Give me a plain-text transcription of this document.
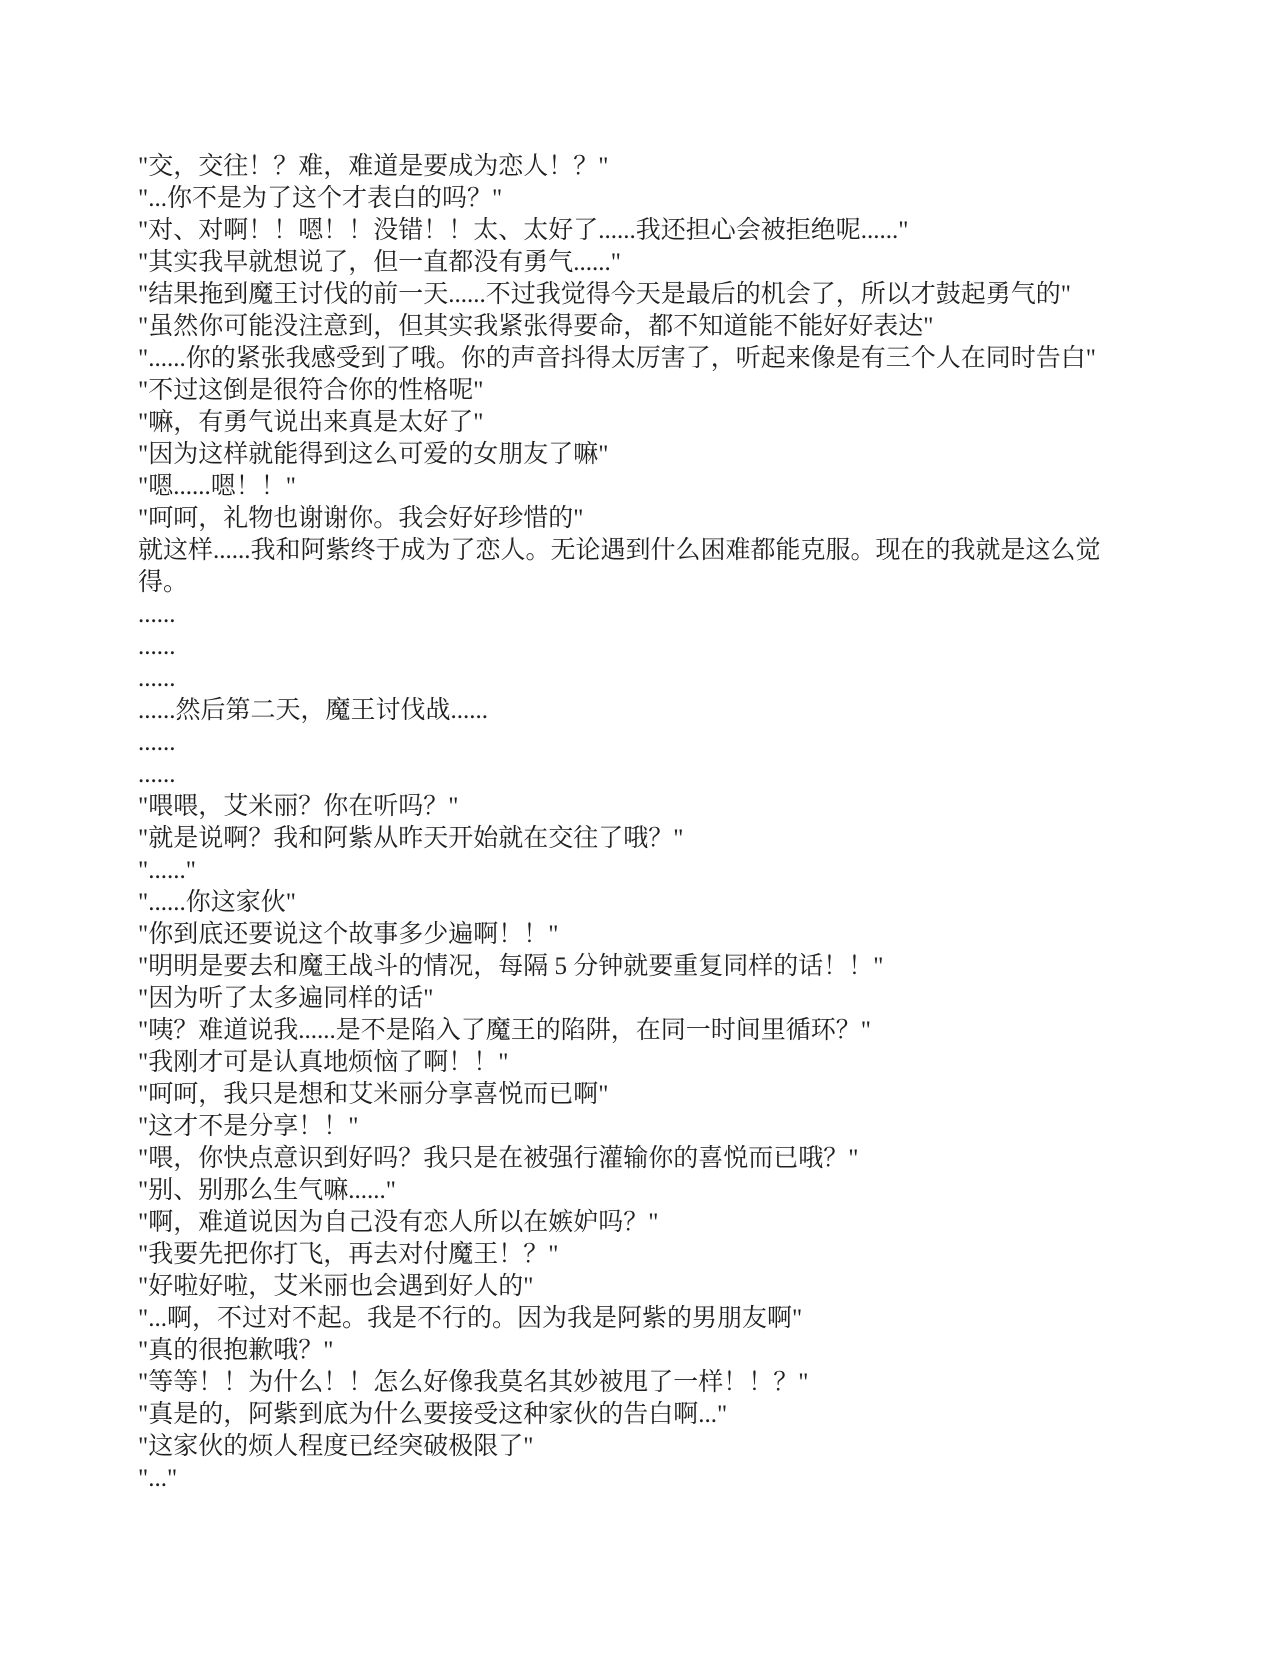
"交，交往！？难，难道是要成为恋人！？"

"...你不是为了这个才表白的吗？"

"对、对啊！！嗯！！没错！！太、太好了......我还担心会被拒绝呢......"

"其实我早就想说了，但一直都没有勇气......"

"结果拖到魔王讨伐的前一天......不过我觉得今天是最后的机会了，所以才鼓起勇气的"

"虽然你可能没注意到，但其实我紧张得要命，都不知道能不能好好表达"

"......你的紧张我感受到了哦。你的声音抖得太厉害了，听起来像是有三个人在同时告白"

"不过这倒是很符合你的性格呢"

"嘛，有勇气说出来真是太好了"

"因为这样就能得到这么可爱的女朋友了嘛"

"嗯......嗯！！"

"呵呵，礼物也谢谢你。我会好好珍惜的"

就这样......我和阿紫终于成为了恋人。无论遇到什么困难都能克服。现在的我就是这么觉得。

......

......

......

......然后第二天，魔王讨伐战......

......

......

"喂喂，艾米丽？你在听吗？"

"就是说啊？我和阿紫从昨天开始就在交往了哦？"

"......"

"......你这家伙"

"你到底还要说这个故事多少遍啊！！"

"明明是要去和魔王战斗的情况，每隔 5 分钟就要重复同样的话！！"

"因为听了太多遍同样的话"

"咦？难道说我......是不是陷入了魔王的陷阱，在同一时间里循环？"

"我刚才可是认真地烦恼了啊！！"

"呵呵，我只是想和艾米丽分享喜悦而已啊"

"这才不是分享！！"

"喂，你快点意识到好吗？我只是在被强行灌输你的喜悦而已哦？"

"别、别那么生气嘛......"

"啊，难道说因为自己没有恋人所以在嫉妒吗？"

"我要先把你打飞，再去对付魔王！？"

"好啦好啦，艾米丽也会遇到好人的"

"...啊，不过对不起。我是不行的。因为我是阿紫的男朋友啊"

"真的很抱歉哦？"

"等等！！为什么！！怎么好像我莫名其妙被甩了一样！！？"

"真是的，阿紫到底为什么要接受这种家伙的告白啊..."

"这家伙的烦人程度已经突破极限了"

"..."
